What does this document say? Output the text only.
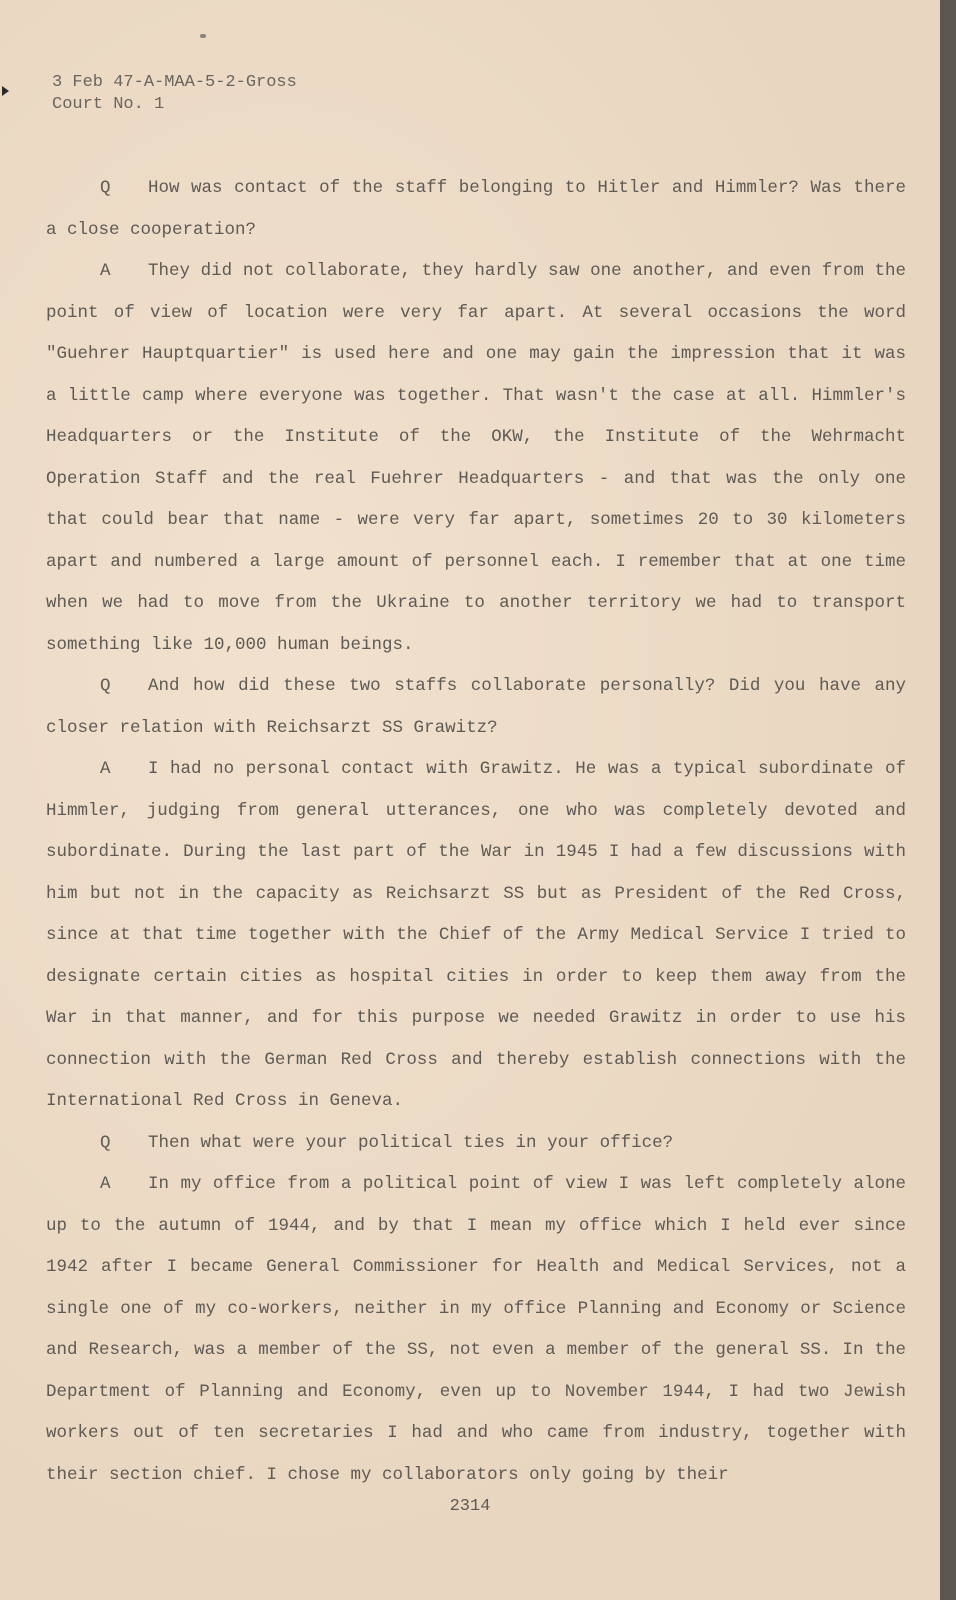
3 Feb 47-A-MAA-5-2-Gross
Court No. 1

Q How was contact of the staff belonging to Hitler and Himmler? Was there a close cooperation?

A They did not collaborate, they hardly saw one another, and even from the point of view of location were very far apart. At several occasions the word "Guehrer Hauptquartier" is used here and one may gain the impression that it was a little camp where everyone was together. That wasn't the case at all. Himmler's Headquarters or the Institute of the OKW, the Institute of the Wehrmacht Operation Staff and the real Fuehrer Headquarters - and that was the only one that could bear that name - were very far apart, sometimes 20 to 30 kilometers apart and numbered a large amount of personnel each. I remember that at one time when we had to move from the Ukraine to another territory we had to transport something like 10,000 human beings.

Q And how did these two staffs collaborate personally? Did you have any closer relation with Reichsarzt SS Grawitz?

A I had no personal contact with Grawitz. He was a typical subordinate of Himmler, judging from general utterances, one who was completely devoted and subordinate. During the last part of the War in 1945 I had a few discussions with him but not in the capacity as Reichsarzt SS but as President of the Red Cross, since at that time together with the Chief of the Army Medical Service I tried to designate certain cities as hospital cities in order to keep them away from the War in that manner, and for this purpose we needed Grawitz in order to use his connection with the German Red Cross and thereby establish connections with the International Red Cross in Geneva.

Q Then what were your political ties in your office?

A In my office from a political point of view I was left completely alone up to the autumn of 1944, and by that I mean my office which I held ever since 1942 after I became General Commissioner for Health and Medical Services, not a single one of my co-workers, neither in my office Planning and Economy or Science and Research, was a member of the SS, not even a member of the general SS. In the Department of Planning and Economy, even up to November 1944, I had two Jewish workers out of ten secretaries I had and who came from industry, together with their section chief. I chose my collaborators only going by their

2314
